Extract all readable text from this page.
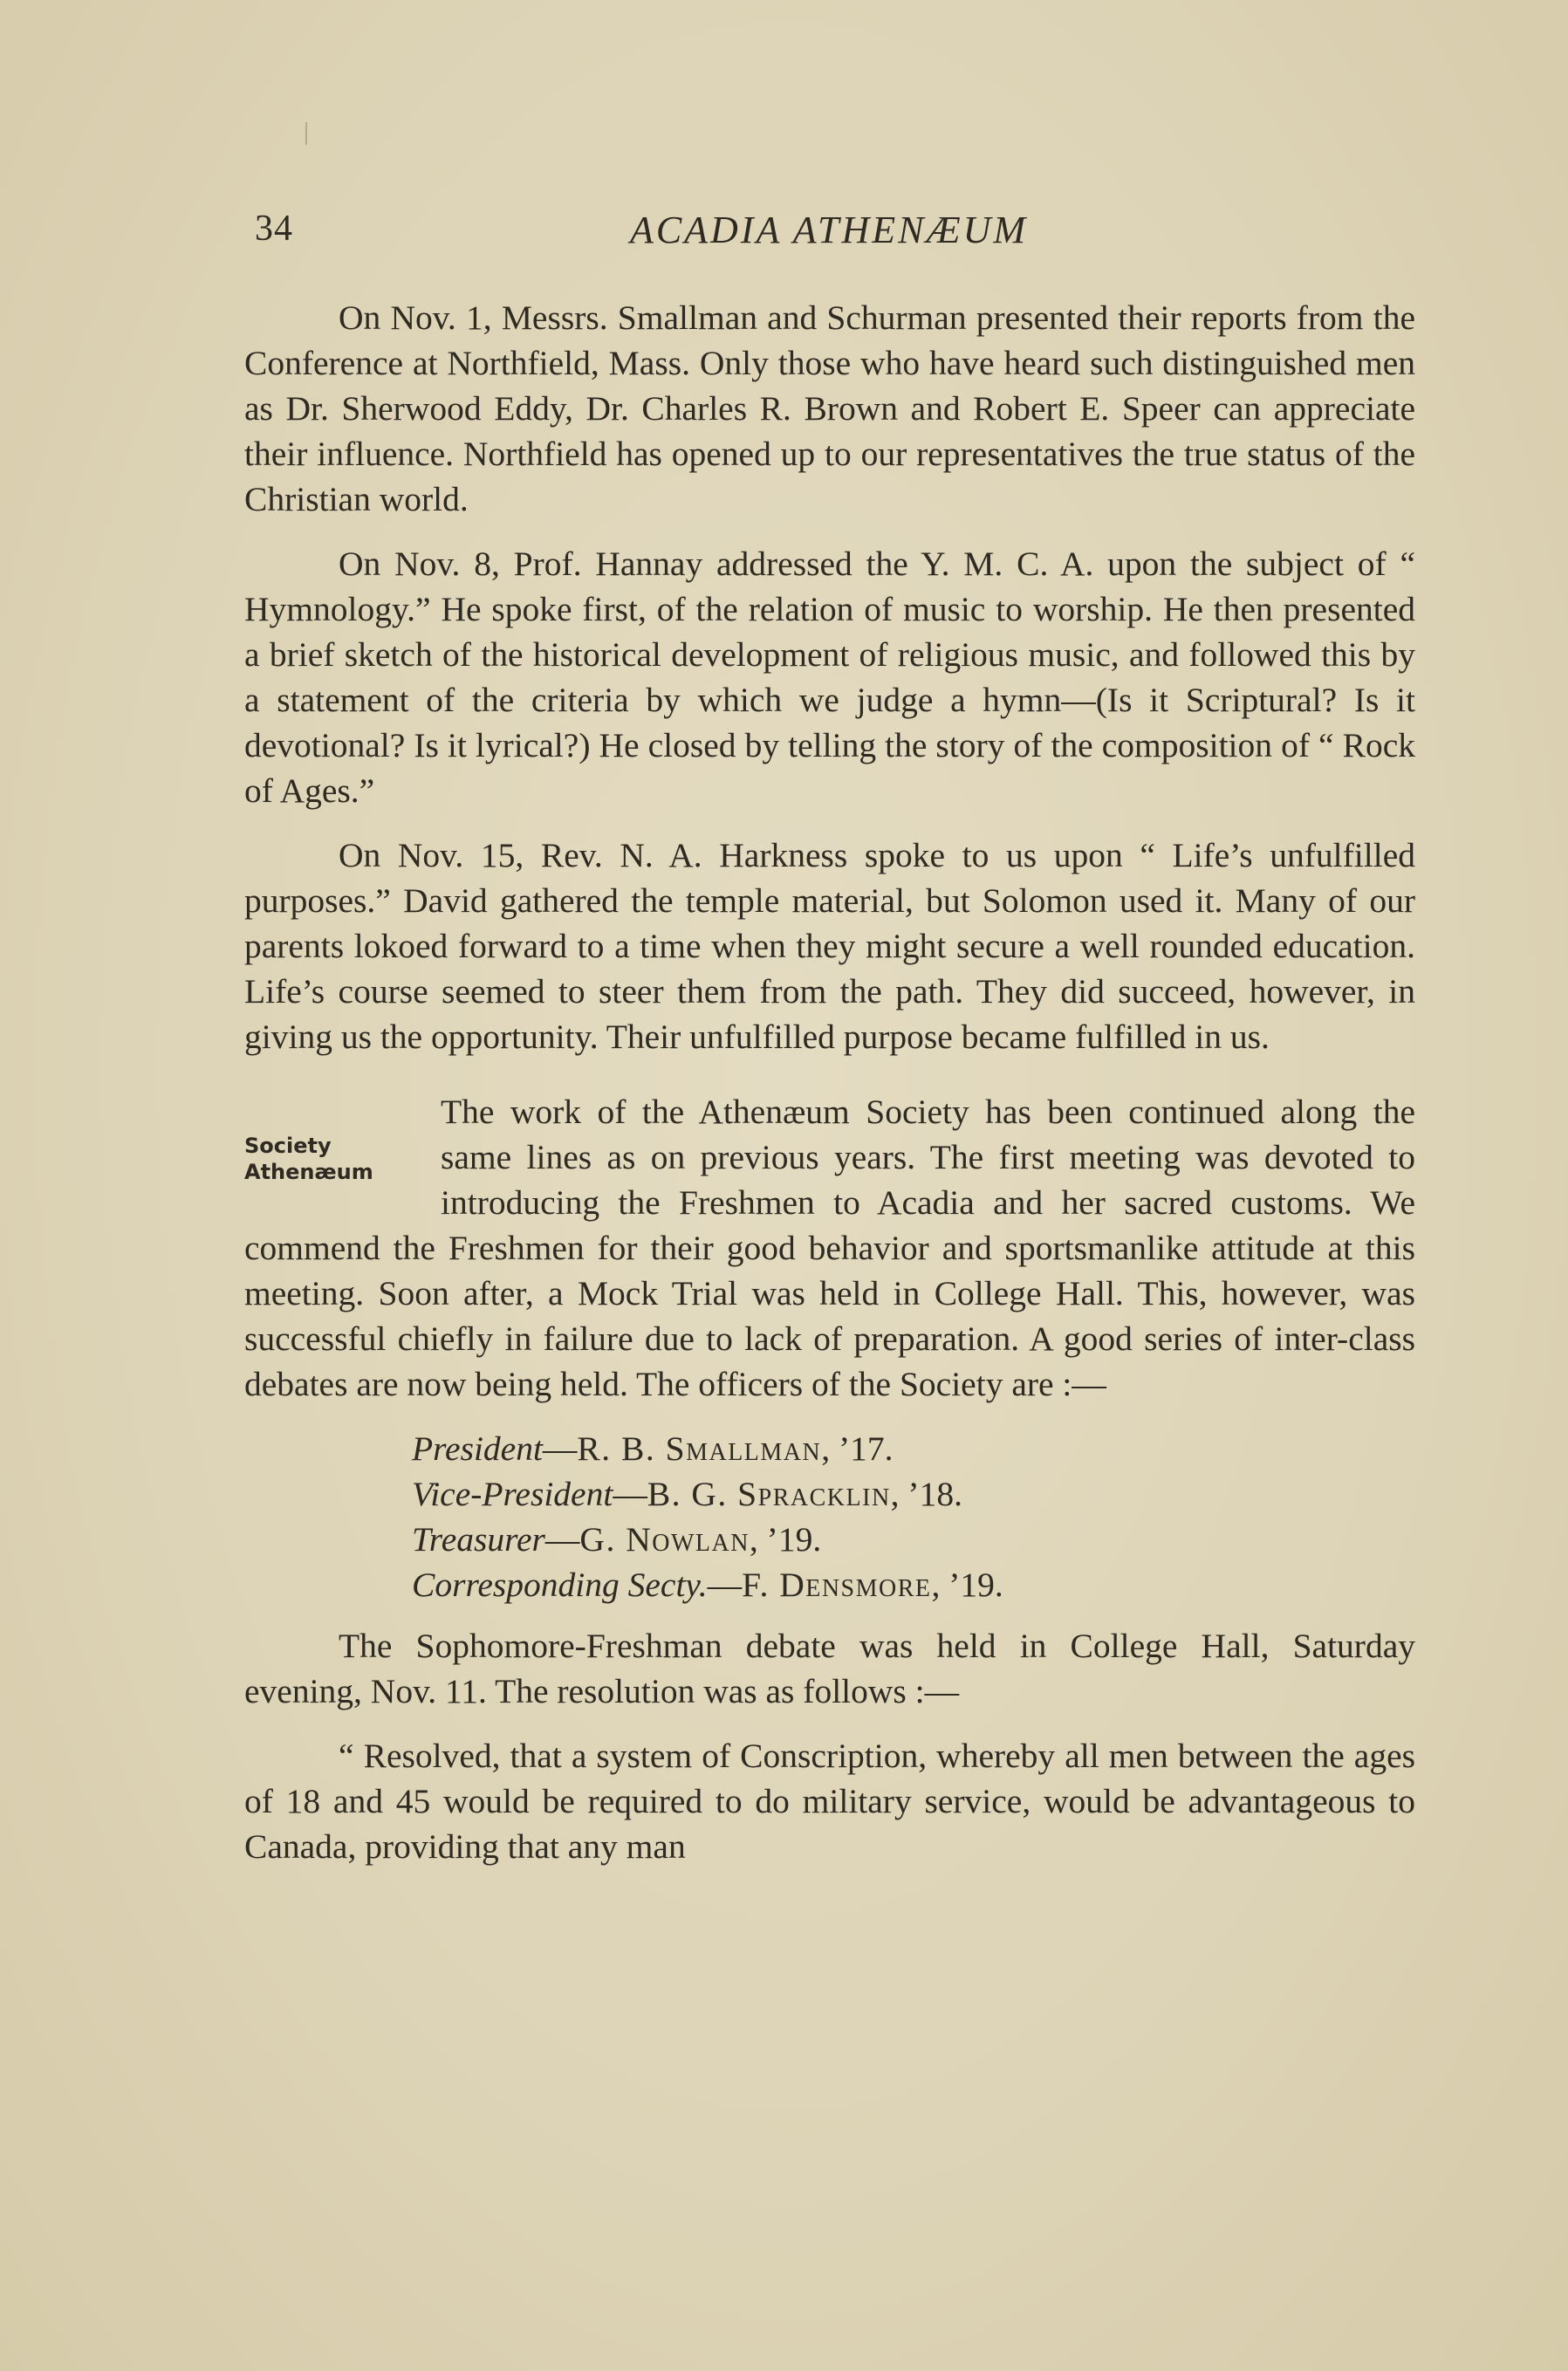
34	ACADIA ATHENÆUM

On Nov. 1, Messrs. Smallman and Schurman presented their reports from the Conference at Northfield, Mass. Only those who have heard such distinguished men as Dr. Sherwood Eddy, Dr. Charles R. Brown and Robert E. Speer can appreciate their influence. Northfield has opened up to our representatives the true status of the Christian world.

On Nov. 8, Prof. Hannay addressed the Y. M. C. A. upon the subject of “ Hymnology.” He spoke first, of the relation of music to worship. He then presented a brief sketch of the historical development of religious music, and followed this by a statement of the criteria by which we judge a hymn—(Is it Scriptural? Is it devotional? Is it lyrical?) He closed by telling the story of the composition of “ Rock of Ages.”

On Nov. 15, Rev. N. A. Harkness spoke to us upon “ Life’s unfulfilled purposes.” David gathered the temple material, but Solomon used it. Many of our parents lokoed forward to a time when they might secure a well rounded education. Life’s course seemed to steer them from the path. They did succeed, however, in giving us the opportunity. Their unfulfilled purpose became fulfilled in us.

Society
Athenæum

The work of the Athenæum Society has been continued along the same lines as on previous years. The first meeting was devoted to introducing the Freshmen to Acadia and her sacred customs. We commend the Freshmen for their good behavior and sportsmanlike attitude at this meeting. Soon after, a Mock Trial was held in College Hall. This, however, was successful chiefly in failure due to lack of preparation. A good series of inter-class debates are now being held. The officers of the Society are :—

President—R. B. Smallman, ’17.
Vice-President—B. G. Spracklin, ’18.
Treasurer—G. Nowlan, ’19.
Corresponding Secty.—F. Densmore, ’19.

The Sophomore-Freshman debate was held in College Hall, Saturday evening, Nov. 11. The resolution was as follows :—

“ Resolved, that a system of Conscription, whereby all men between the ages of 18 and 45 would be required to do military service, would be advantageous to Canada, providing that any man
